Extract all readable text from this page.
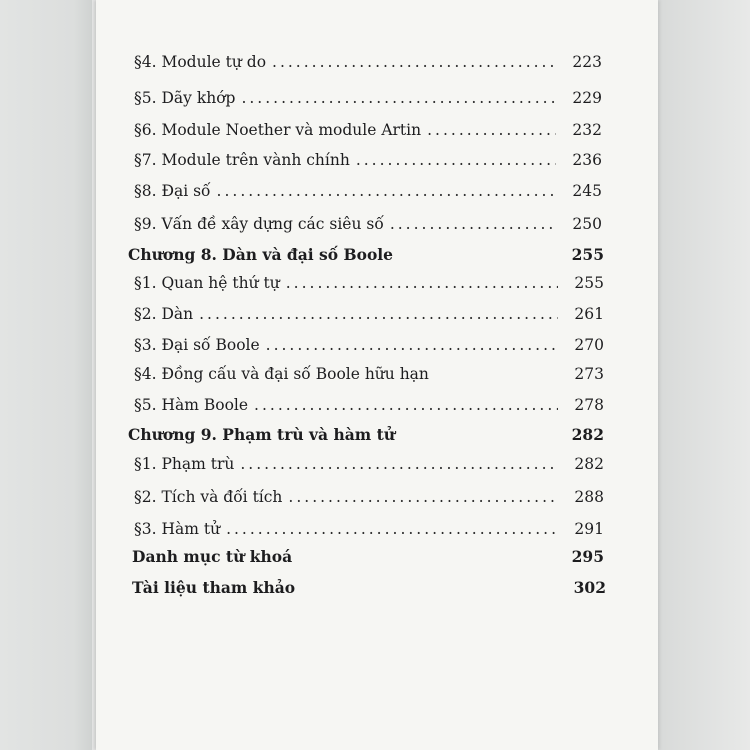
§4. Module tự do .....	223
§5. Dãy khớp .....	229
§6. Module Noether và module Artin .....	232
§7. Module trên vành chính .....	236
§8. Đại số .....	245
§9. Vấn đề xây dựng các siêu số .....	250
Chương 8. Dàn và đại số Boole	255
§1. Quan hệ thứ tự .....	255
§2. Dàn .....	261
§3. Đại số Boole .....	270
§4. Đồng cấu và đại số Boole hữu hạn	273
§5. Hàm Boole .....	278
Chương 9. Phạm trù và hàm tử	282
§1. Phạm trù .....	282
§2. Tích và đối tích .....	288
§3. Hàm tử .....	291
Danh mục từ khoá	295
Tài liệu tham khảo	302
